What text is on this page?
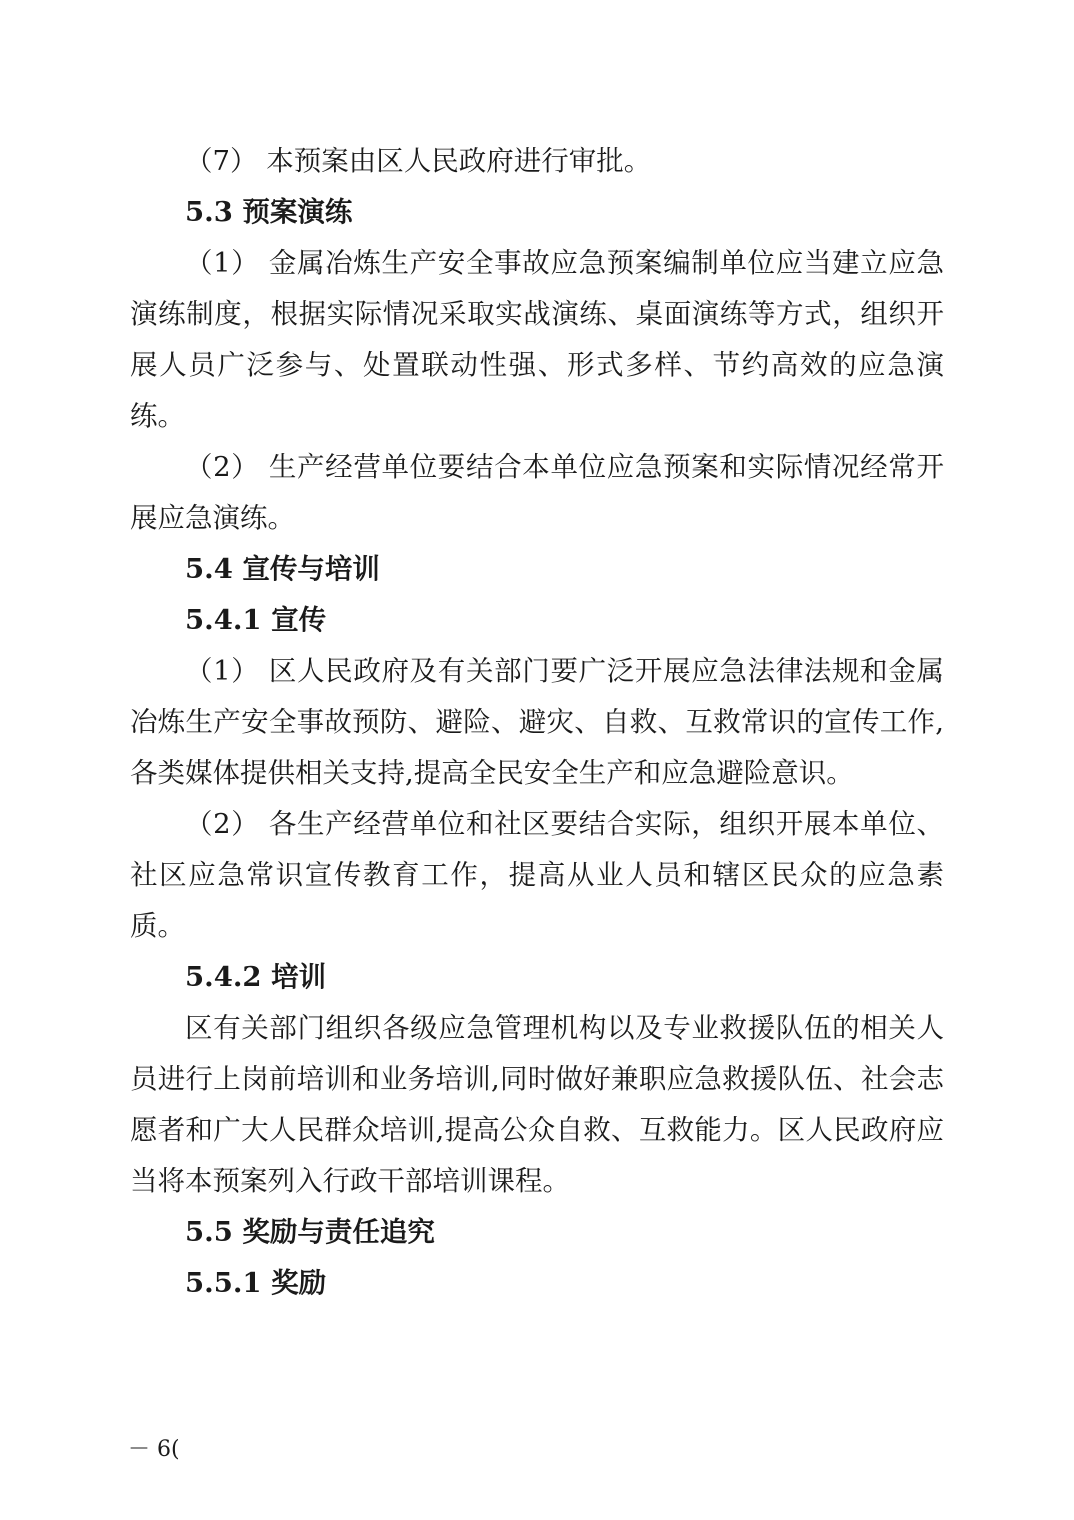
（7） 本预案由区人民政府进行审批。

5.3 预案演练

（1） 金属冶炼生产安全事故应急预案编制单位应当建立应急演练制度，根据实际情况采取实战演练、桌面演练等方式，组织开展人员广泛参与、处置联动性强、形式多样、节约高效的应急演练。

（2） 生产经营单位要结合本单位应急预案和实际情况经常开展应急演练。

5.4 宣传与培训

5.4.1 宣传

（1） 区人民政府及有关部门要广泛开展应急法律法规和金属冶炼生产安全事故预防、避险、避灾、自救、互救常识的宣传工作,各类媒体提供相关支持,提高全民安全生产和应急避险意识。

（2） 各生产经营单位和社区要结合实际，组织开展本单位、社区应急常识宣传教育工作，提高从业人员和辖区民众的应急素质。

5.4.2 培训

区有关部门组织各级应急管理机构以及专业救援队伍的相关人员进行上岗前培训和业务培训,同时做好兼职应急救援队伍、社会志愿者和广大人民群众培训,提高公众自救、互救能力。区人民政府应当将本预案列入行政干部培训课程。

5.5 奖励与责任追究

5.5.1 奖励

－ 6(
